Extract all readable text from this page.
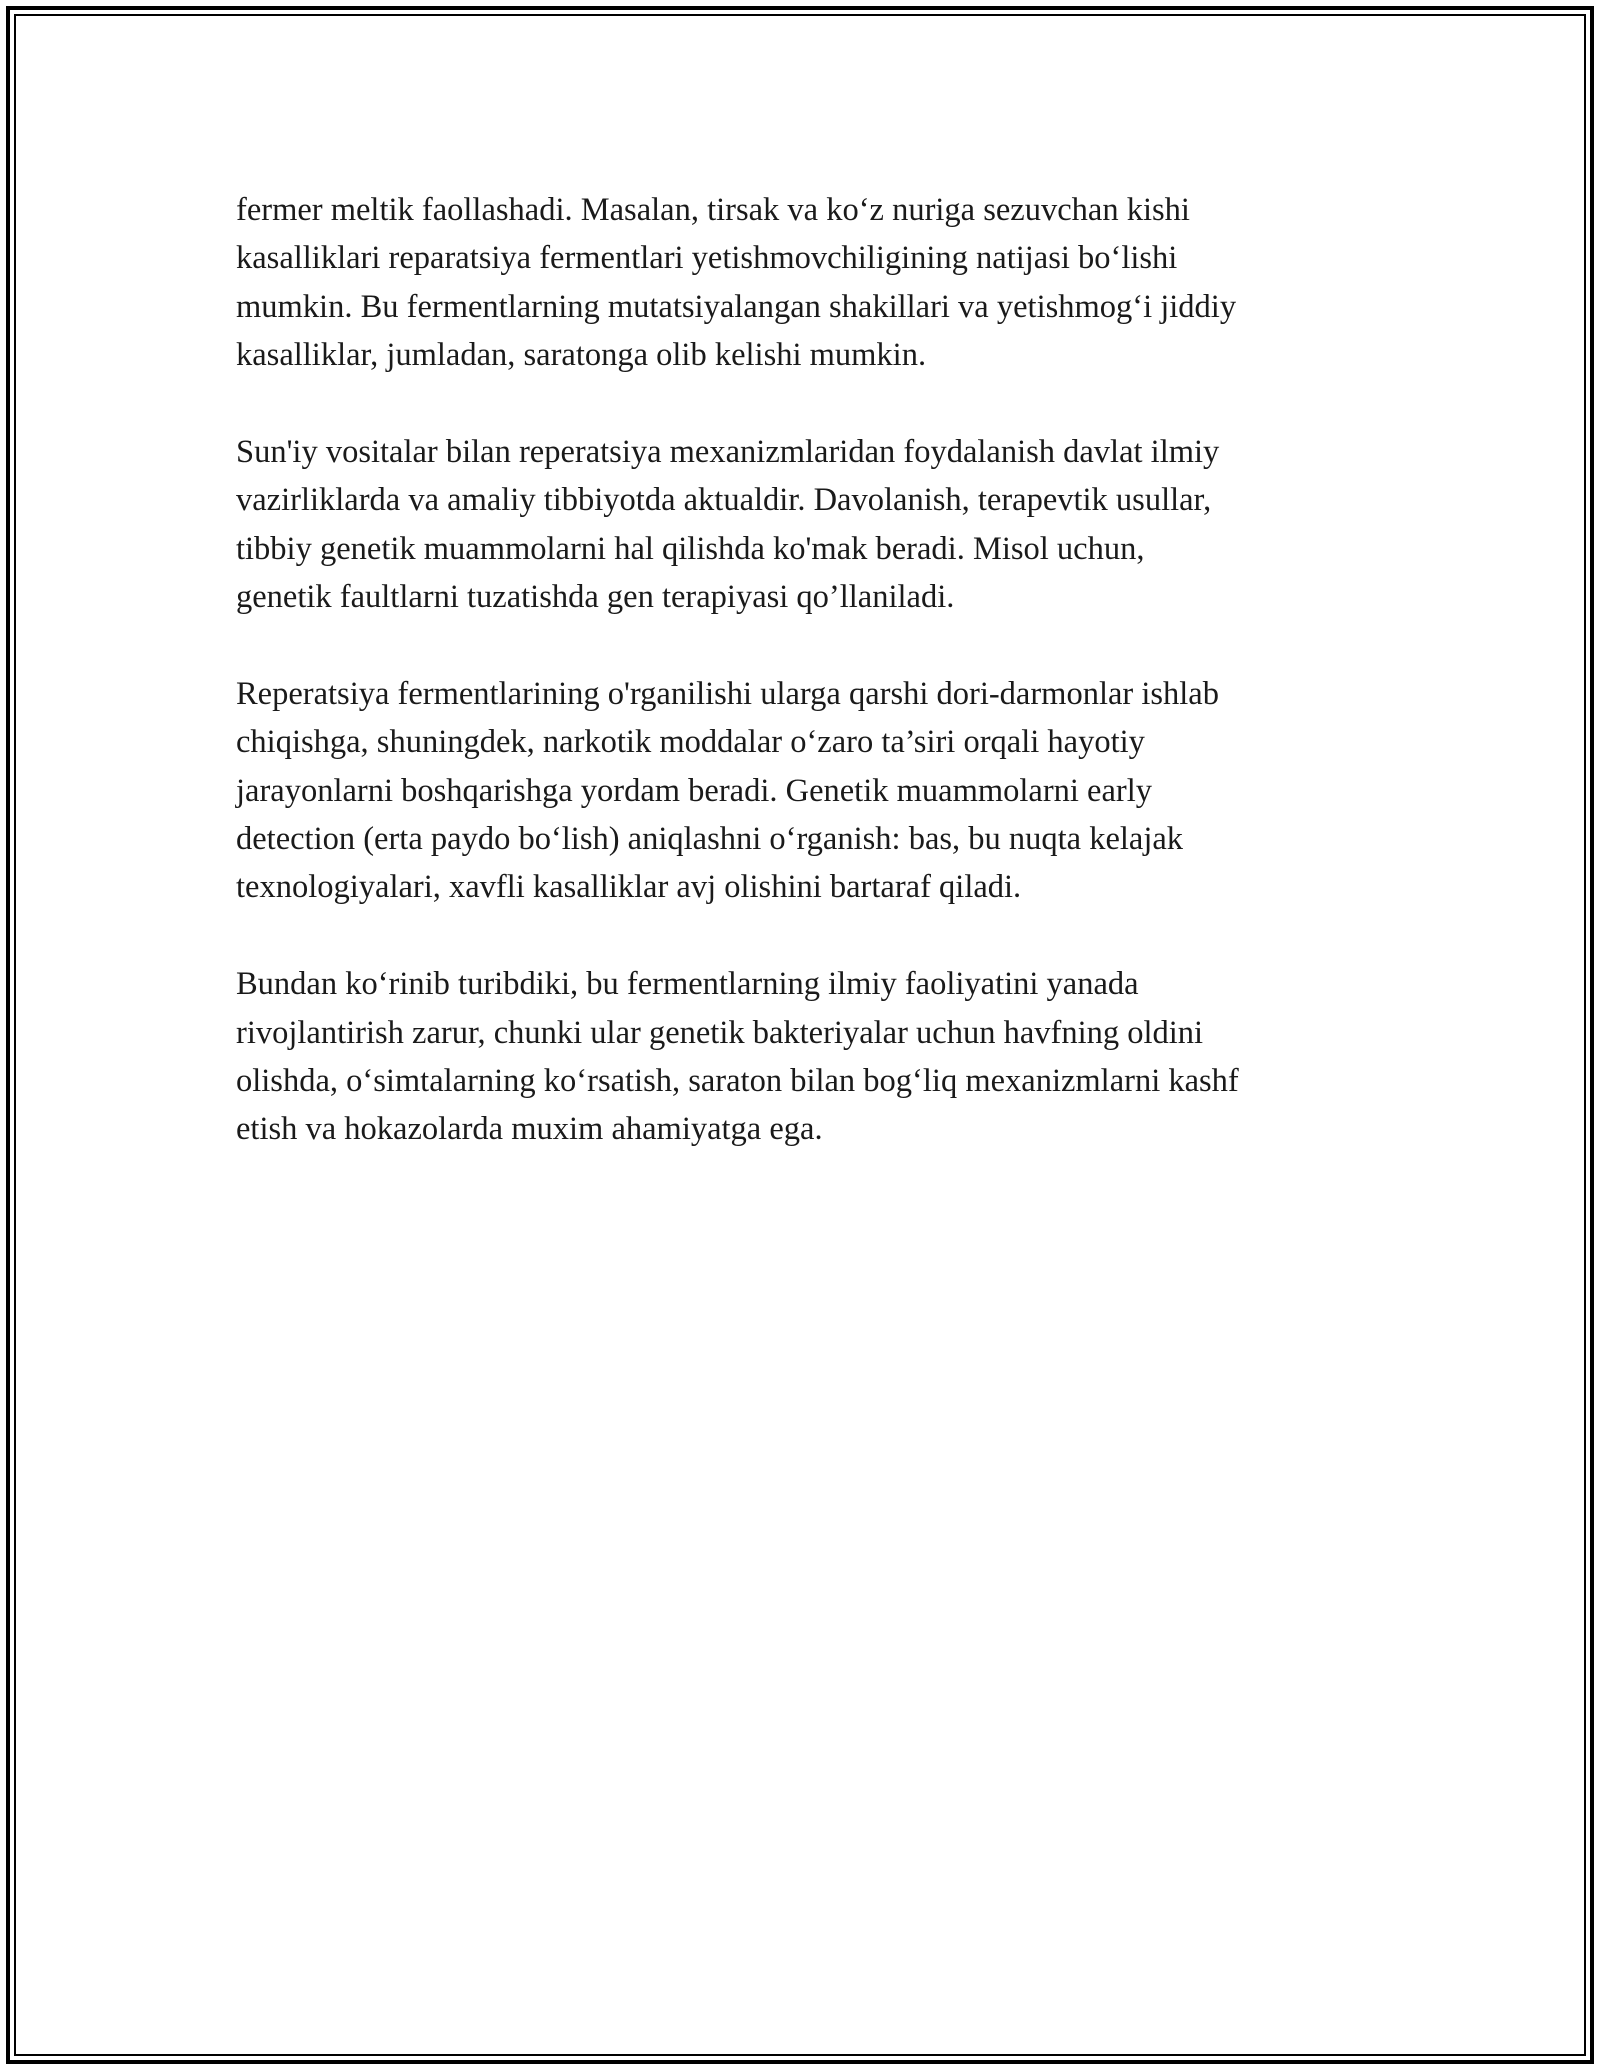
fermer meltik faollashadi. Masalan, tirsak va ko‘z nuriga sezuvchan kishi
kasalliklari reparatsiya fermentlari yetishmovchiligining natijasi bo‘lishi
mumkin. Bu fermentlarning mutatsiyalangan shakillari va yetishmog‘i jiddiy
kasalliklar, jumladan, saratonga olib kelishi mumkin.

Sun'iy vositalar bilan reperatsiya mexanizmlaridan foydalanish davlat ilmiy
vazirliklarda va amaliy tibbiyotda aktualdir. Davolanish, terapevtik usullar,
tibbiy genetik muammolarni hal qilishda ko'mak beradi. Misol uchun,
genetik faultlarni tuzatishda gen terapiyasi qo’llaniladi.

Reperatsiya fermentlarining o'rganilishi ularga qarshi dori-darmonlar ishlab
chiqishga, shuningdek, narkotik moddalar o‘zaro ta’siri orqali hayotiy
jarayonlarni boshqarishga yordam beradi. Genetik muammolarni early
detection (erta paydo bo‘lish) aniqlashni o‘rganish: bas, bu nuqta kelajak
texnologiyalari, xavfli kasalliklar avj olishini bartaraf qiladi.

Bundan ko‘rinib turibdiki, bu fermentlarning ilmiy faoliyatini yanada
rivojlantirish zarur, chunki ular genetik bakteriyalar uchun havfning oldini
olishda, o‘simtalarning ko‘rsatish, saraton bilan bog‘liq mexanizmlarni kashf
etish va hokazolarda muxim ahamiyatga ega.
